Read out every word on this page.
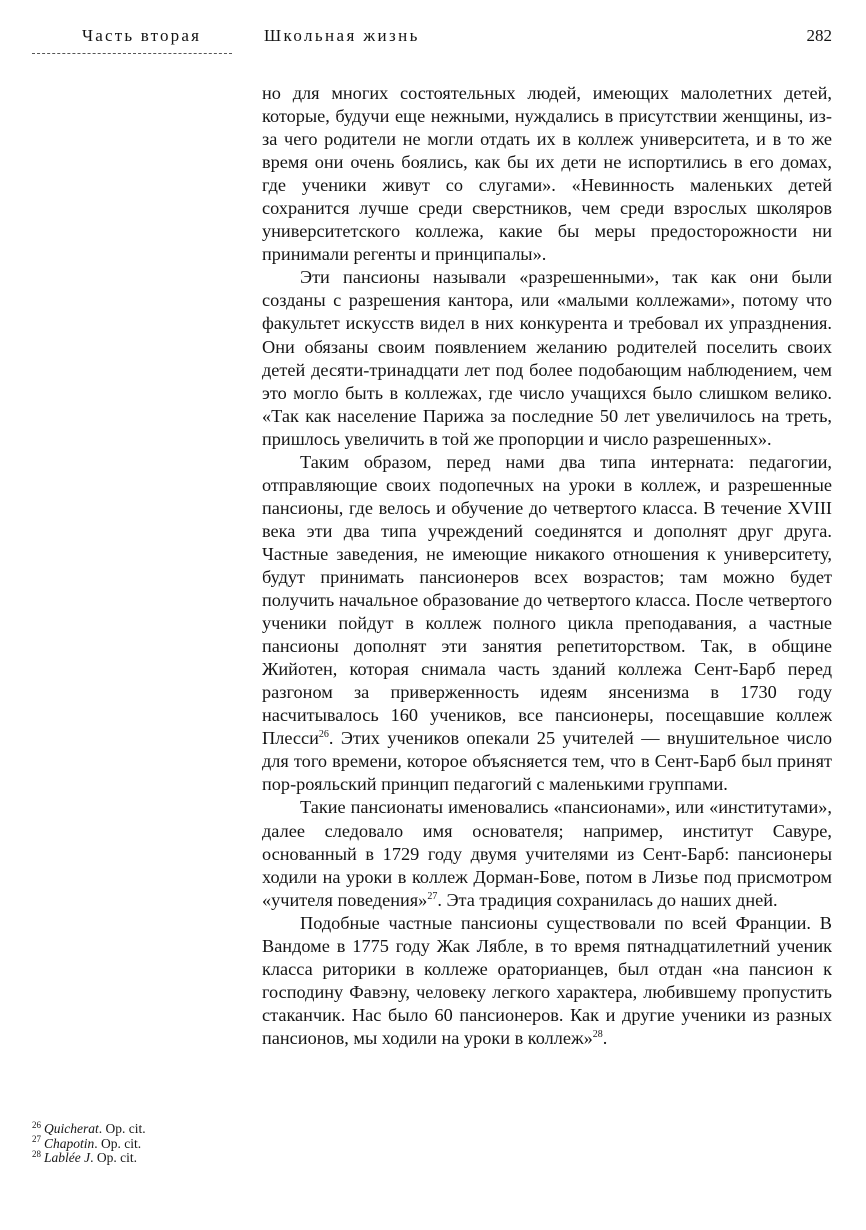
Часть вторая	Школьная жизнь	282

но для многих состоятельных людей, имеющих малолетних детей, которые, будучи еще нежными, нуждались в присутствии женщины, из-за чего родители не могли отдать их в коллеж университета, и в то же время они очень боялись, как бы их дети не испортились в его домах, где ученики живут со слугами». «Невинность маленьких детей сохранится лучше среди сверстников, чем среди взрослых школяров университетского коллежа, какие бы меры предосторожности ни принимали регенты и принципалы».

Эти пансионы называли «разрешенными», так как они были созданы с разрешения кантора, или «малыми коллежами», потому что факультет искусств видел в них конкурента и требовал их упразднения. Они обязаны своим появлением желанию родителей поселить своих детей десяти-тринадцати лет под более подобающим наблюдением, чем это могло быть в коллежах, где число учащихся было слишком велико. «Так как население Парижа за последние 50 лет увеличилось на треть, пришлось увеличить в той же пропорции и число разрешенных».

Таким образом, перед нами два типа интерната: педагогии, отправляющие своих подопечных на уроки в коллеж, и разрешенные пансионы, где велось и обучение до четвертого класса. В течение XVIII века эти два типа учреждений соединятся и дополнят друг друга. Частные заведения, не имеющие никакого отношения к университету, будут принимать пансионеров всех возрастов; там можно будет получить начальное образование до четвертого класса. После четвертого ученики пойдут в коллеж полного цикла преподавания, а частные пансионы дополнят эти занятия репетиторством. Так, в общине Жийотен, которая снимала часть зданий коллежа Сент-Барб перед разгоном за приверженность идеям янсенизма в 1730 году насчитывалось 160 учеников, все пансионеры, посещавшие коллеж Плесси$^{26}$. Этих учеников опекали 25 учителей — внушительное число для того времени, которое объясняется тем, что в Сент-Барб был принят пор-рояльский принцип педагогий с маленькими группами.

Такие пансионаты именовались «пансионами», или «институтами», далее следовало имя основателя; например, институт Савуре, основанный в 1729 году двумя учителями из Сент-Барб: пансионеры ходили на уроки в коллеж Дорман-Бове, потом в Лизье под присмотром «учителя поведения»$^{27}$. Эта традиция сохранилась до наших дней.

Подобные частные пансионы существовали по всей Франции. В Вандоме в 1775 году Жак Лябле, в то время пятнадцатилетний ученик класса риторики в коллеже ораторианцев, был отдан «на пансион к господину Фавэну, человеку легкого характера, любившему пропустить стаканчик. Нас было 60 пансионеров. Как и другие ученики из разных пансионов, мы ходили на уроки в коллеж»$^{28}$.

$^{26}$ Quicherat. Op. cit.

$^{27}$ Chapotin. Op. cit.

$^{28}$ Lablée J. Op. cit.
